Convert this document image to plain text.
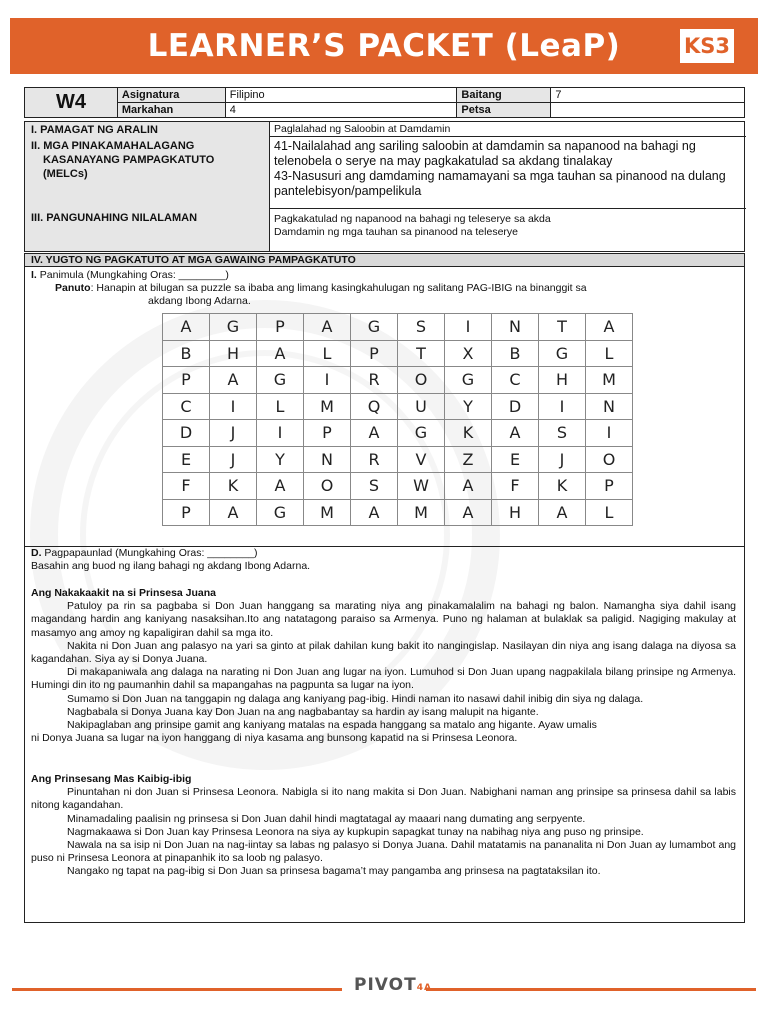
LEARNER’S PACKET (LeaP)	KS3
W4	Asignatura	Filipino	Baitang	7
	Markahan	4	Petsa	
I. PAMAGAT NG ARALIN
II. MGA PINAKAMAHALAGANG
KASANAYANG PAMPAGKATUTO
(MELCs)
III. PANGUNAHING NILALAMAN
Paglalahad ng Saloobin at Damdamin
41-Nailalahad ang sariling saloobin at damdamin sa napanood na bahagi ng telenobela o serye na may pagkakatulad sa akdang tinalakay
43-Nasusuri ang damdaming namamayani sa mga tauhan sa pinanood na dulang pantelebisyon/pampelikula
Pagkakatulad ng napanood na bahagi ng teleserye sa akda
Damdamin ng mga tauhan sa pinanood na teleserye
IV. YUGTO NG PAGKATUTO AT MGA GAWAING PAMPAGKATUTO
I. Panimula (Mungkahing Oras: ________)
Panuto: Hanapin at bilugan sa puzzle sa ibaba ang limang kasingkahulugan ng salitang PAG-IBIG na binanggit sa
akdang Ibong Adarna.
A	G	P	A	G	S	I	N	T	A
B	H	A	L	P	T	X	B	G	L
P	A	G	I	R	O	G	C	H	M
C	I	L	M	Q	U	Y	D	I	N
D	J	I	P	A	G	K	A	S	I
E	J	Y	N	R	V	Z	E	J	O
F	K	A	O	S	W	A	F	K	P
P	A	G	M	A	M	A	H	A	L
D. Pagpapaunlad (Mungkahing Oras: ________)
Basahin ang buod ng ilang bahagi ng akdang Ibong Adarna.
Ang Nakakaakit na si Prinsesa Juana

Patuloy pa rin sa pagbaba si Don Juan hanggang sa marating niya ang pinakamalalim na bahagi ng balon. Namangha siya dahil isang magandang hardin ang kaniyang nasaksihan.Ito ang natatagong paraiso sa Armenya. Puno ng halaman at bulaklak sa paligid. Nagiging makulay at masamyo ang amoy ng kapaligiran dahil sa mga ito.

Nakita ni Don Juan ang palasyo na yari sa ginto at pilak dahilan kung bakit ito nangingislap. Nasilayan din niya ang isang dalaga na diyosa sa kagandahan. Siya ay si Donya Juana.

Di makapaniwala ang dalaga na narating ni Don Juan ang lugar na iyon. Lumuhod si Don Juan upang nagpakilala bilang prinsipe ng Armenya. Humingi din ito ng paumanhin dahil sa mapangahas na pagpunta sa lugar na iyon.

Sumamo si Don Juan na tanggapin ng dalaga ang kaniyang pag-ibig. Hindi naman ito nasawi dahil inibig din siya ng dalaga.

Nagbabala si Donya Juana kay Don Juan na ang nagbabantay sa hardin ay isang malupit na higante.

Nakipaglaban ang prinsipe gamit ang kaniyang matalas na espada hanggang sa matalo ang higante. Ayaw umalis

ni Donya Juana sa lugar na iyon hanggang di niya kasama ang bunsong kapatid na si Prinsesa Leonora.

Ang Prinsesang Mas Kaibig-ibig

Pinuntahan ni don Juan si Prinsesa Leonora. Nabigla si ito nang makita si Don Juan. Nabighani naman ang prinsipe sa prinsesa dahil sa labis nitong kagandahan.

Minamadaling paalisin ng prinsesa si Don Juan dahil hindi magtatagal ay maaari nang dumating ang serpyente.

Nagmakaawa si Don Juan kay Prinsesa Leonora na siya ay kupkupin sapagkat tunay na nabihag niya ang puso ng prinsipe.

Nawala na sa isip ni Don Juan na nag-iintay sa labas ng palasyo si Donya Juana. Dahil matatamis na pananalita ni Don Juan ay lumambot ang puso ni Prinsesa Leonora at pinapanhik ito sa loob ng palasyo.

Nangako ng tapat na pag-ibig si Don Juan sa prinsesa bagama’t may pangamba ang prinsesa na pagtataksilan ito.

PIVOT4A
